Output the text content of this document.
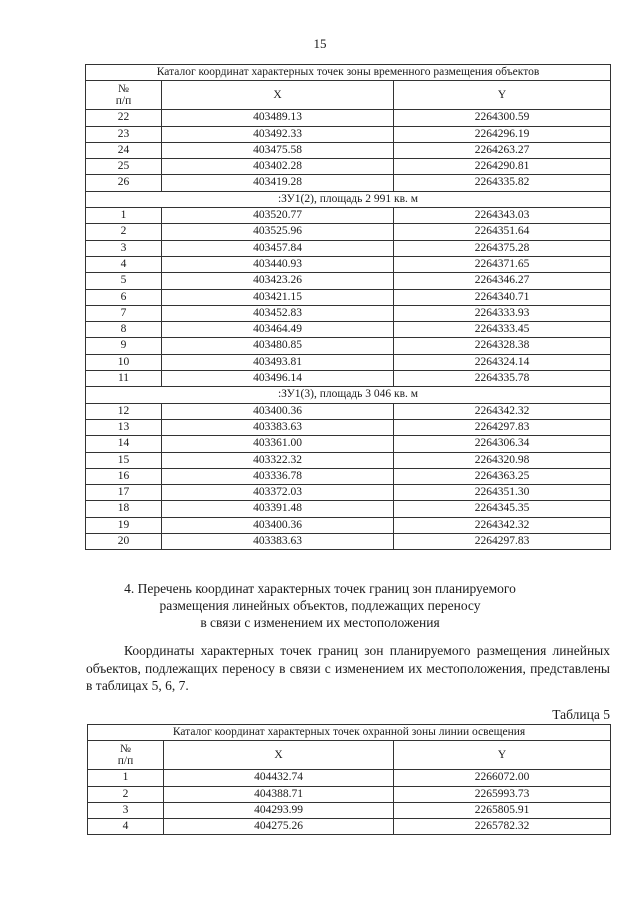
15
Каталог координат характерных точек зоны временного размещения объектов		

№
п/п	X	Y
22	403489.13	2264300.59
23	403492.33	2264296.19
24	403475.58	2264263.27
25	403402.28	2264290.81
26	403419.28	2264335.82
:ЗУ1(2), площадь 2 991 кв. м		
1	403520.77	2264343.03
2	403525.96	2264351.64
3	403457.84	2264375.28
4	403440.93	2264371.65
5	403423.26	2264346.27
6	403421.15	2264340.71
7	403452.83	2264333.93
8	403464.49	2264333.45
9	403480.85	2264328.38
10	403493.81	2264324.14
11	403496.14	2264335.78
:ЗУ1(3), площадь 3 046 кв. м		
12	403400.36	2264342.32
13	403383.63	2264297.83
14	403361.00	2264306.34
15	403322.32	2264320.98
16	403336.78	2264363.25
17	403372.03	2264351.30
18	403391.48	2264345.35
19	403400.36	2264342.32
20	403383.63	2264297.83
4. Перечень координат характерных точек границ зон планируемого
размещения линейных объектов, подлежащих переносу
в связи с изменением их местоположения
Координаты характерных точек границ зон планируемого размещения линейных объектов, подлежащих переносу в связи с изменением их местоположения, представлены в таблицах 5, 6, 7.
Таблица 5
Каталог координат характерных точек охранной зоны линии освещения		

№
п/п	X	Y
1	404432.74	2266072.00
2	404388.71	2265993.73
3	404293.99	2265805.91
4	404275.26	2265782.32
